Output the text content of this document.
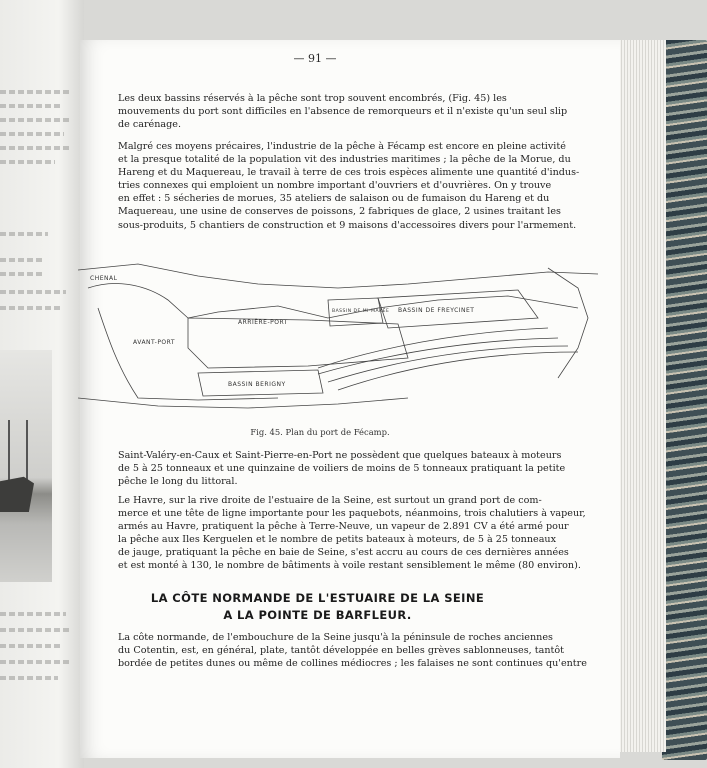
— 91 —

Les deux bassins réservés à la pêche sont trop souvent encombrés, (Fig. 45) les
mouvements du port sont difficiles en l'absence de remorqueurs et il n'existe qu'un seul slip
de carénage.

Malgré ces moyens précaires, l'industrie de la pêche à Fécamp est encore en pleine activité
et la presque totalité de la population vit des industries maritimes ; la pêche de la Morue, du
Hareng et du Maquereau, le travail à terre de ces trois espèces alimente une quantité d'indus-
tries connexes qui emploient un nombre important d'ouvriers et d'ouvrières. On y trouve
en effet : 5 sécheries de morues, 35 ateliers de salaison ou de fumaison du Hareng et du
Maquereau, une usine de conserves de poissons, 2 fabriques de glace, 2 usines traitant les
sous-produits, 5 chantiers de construction et 9 maisons d'accessoires divers pour l'armement.

CHENAL
AVANT-PORT
ARRIÈRE-PORT
BASSIN DE MI-MARÉE BASSIN DE FREYCINET
BASSIN BERIGNY
Fig. 45. Plan du port de Fécamp.

Saint-Valéry-en-Caux et Saint-Pierre-en-Port ne possèdent que quelques bateaux à moteurs
de 5 à 25 tonneaux et une quinzaine de voiliers de moins de 5 tonneaux pratiquant la petite
pêche le long du littoral.

Le Havre, sur la rive droite de l'estuaire de la Seine, est surtout un grand port de com-
merce et une tête de ligne importante pour les paquebots, néanmoins, trois chalutiers à vapeur,
armés au Havre, pratiquent la pêche à Terre-Neuve, un vapeur de 2.891 CV a été armé pour
la pêche aux Iles Kerguelen et le nombre de petits bateaux à moteurs, de 5 à 25 tonneaux
de jauge, pratiquant la pêche en baie de Seine, s'est accru au cours de ces dernières années
et est monté à 130, le nombre de bâtiments à voile restant sensiblement le même (80 environ).

LA CÔTE NORMANDE DE L'ESTUAIRE DE LA SEINE
A LA POINTE DE BARFLEUR.

La côte normande, de l'embouchure de la Seine jusqu'à la péninsule de roches anciennes
du Cotentin, est, en général, plate, tantôt développée en belles grèves sablonneuses, tantôt
bordée de petites dunes ou même de collines médiocres ; les falaises ne sont continues qu'entre
